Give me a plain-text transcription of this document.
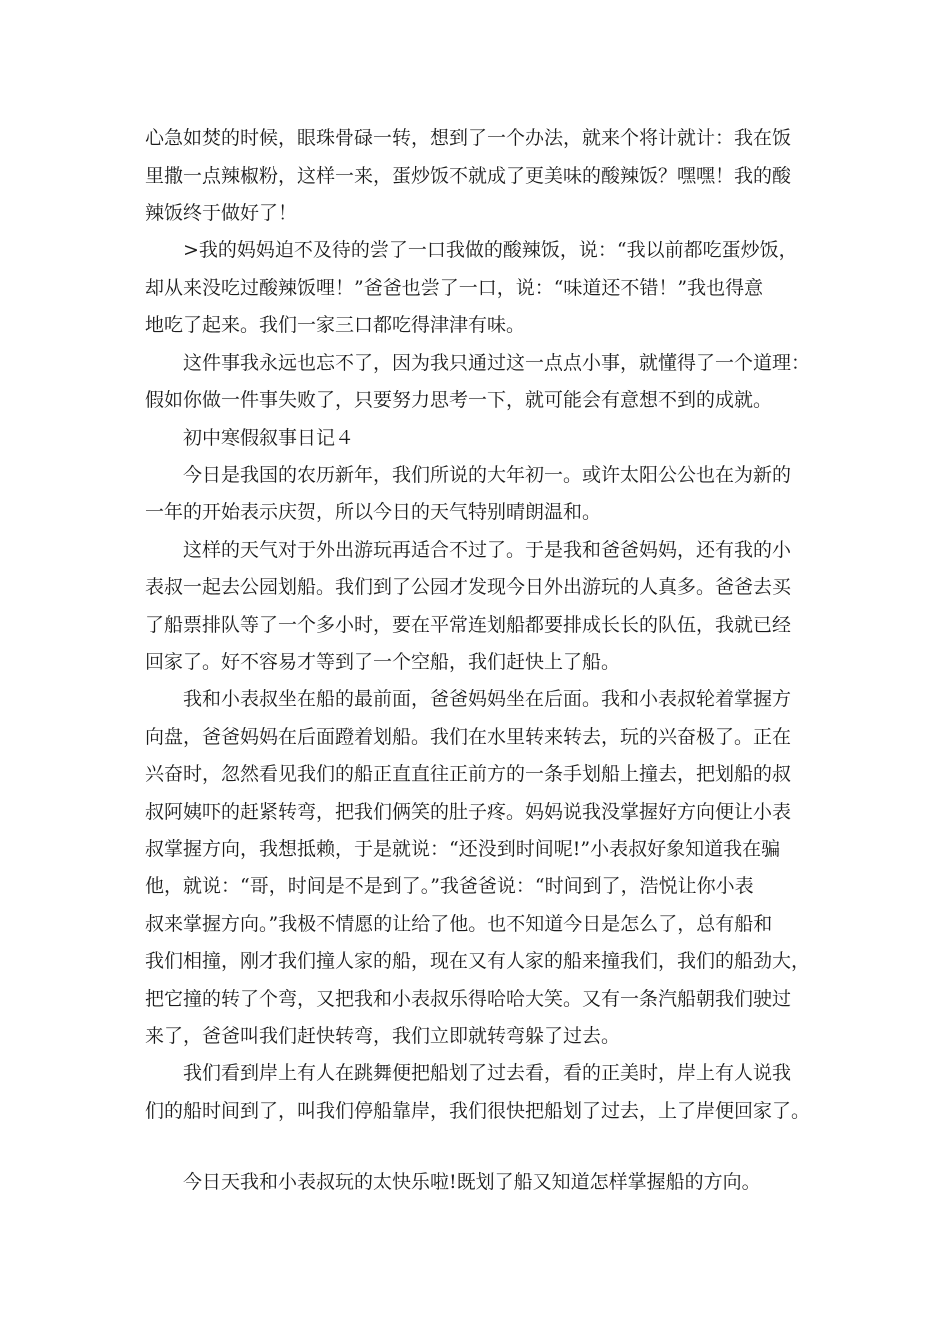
心急如焚的时候，眼珠骨碌一转，想到了一个办法，就来个将计就计：我在饭
里撒一点辣椒粉，这样一来，蛋炒饭不就成了更美味的酸辣饭？嘿嘿！我的酸
辣饭终于做好了！
>我的妈妈迫不及待的尝了一口我做的酸辣饭，说：“我以前都吃蛋炒饭，
却从来没吃过酸辣饭哩！”爸爸也尝了一口，说：“味道还不错！”我也得意
地吃了起来。我们一家三口都吃得津津有味。
这件事我永远也忘不了，因为我只通过这一点点小事，就懂得了一个道理：
假如你做一件事失败了，只要努力思考一下，就可能会有意想不到的成就。
初中寒假叙事日记４
今日是我国的农历新年，我们所说的大年初一。或许太阳公公也在为新的
一年的开始表示庆贺，所以今日的天气特别晴朗温和。
这样的天气对于外出游玩再适合不过了。于是我和爸爸妈妈，还有我的小
表叔一起去公园划船。我们到了公园才发现今日外出游玩的人真多。爸爸去买
了船票排队等了一个多小时，要在平常连划船都要排成长长的队伍，我就已经
回家了。好不容易才等到了一个空船，我们赶快上了船。
我和小表叔坐在船的最前面，爸爸妈妈坐在后面。我和小表叔轮着掌握方
向盘，爸爸妈妈在后面蹬着划船。我们在水里转来转去，玩的兴奋极了。正在
兴奋时，忽然看见我们的船正直直往正前方的一条手划船上撞去，把划船的叔
叔阿姨吓的赶紧转弯，把我们俩笑的肚子疼。妈妈说我没掌握好方向便让小表
叔掌握方向，我想抵赖，于是就说：“还没到时间呢!”小表叔好象知道我在骗
他，就说：“哥，时间是不是到了。”我爸爸说：“时间到了，浩悦让你小表
叔来掌握方向。”我极不情愿的让给了他。也不知道今日是怎么了，总有船和
我们相撞，刚才我们撞人家的船，现在又有人家的船来撞我们，我们的船劲大，
把它撞的转了个弯，又把我和小表叔乐得哈哈大笑。又有一条汽船朝我们驶过
来了，爸爸叫我们赶快转弯，我们立即就转弯躲了过去。
我们看到岸上有人在跳舞便把船划了过去看，看的正美时，岸上有人说我
们的船时间到了，叫我们停船靠岸，我们很快把船划了过去，上了岸便回家了。
今日天我和小表叔玩的太快乐啦!既划了船又知道怎样掌握船的方向。
